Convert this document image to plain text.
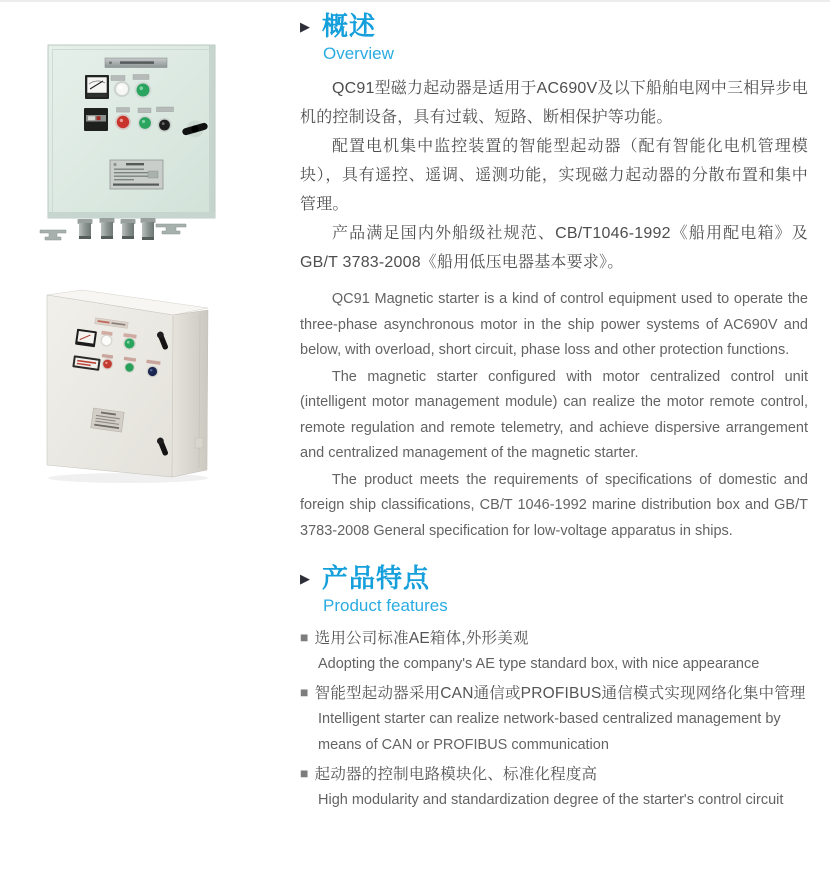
▶ 概述
Overview

QC91型磁力起动器是适用于AC690V及以下船舶电网中三相异步电机的控制设备，具有过载、短路、断相保护等功能。

配置电机集中监控装置的智能型起动器（配有智能化电机管理模块），具有遥控、遥调、遥测功能，实现磁力起动器的分散布置和集中管理。

产品满足国内外船级社规范、CB/T1046-1992《船用配电箱》及GB/T 3783-2008《船用低压电器基本要求》。

QC91 Magnetic starter is a kind of control equipment used to operate the three-phase asynchronous motor in the ship power systems of AC690V and below, with overload, short circuit, phase loss and other protection functions.

The magnetic starter configured with motor centralized control unit (intelligent motor management module) can realize the motor remote control, remote regulation and remote telemetry, and achieve dispersive arrangement and centralized management of the magnetic starter.

The product meets the requirements of specifications of domestic and foreign ship classifications, CB/T 1046-1992 marine distribution box and GB/T 3783-2008 General specification for low-voltage apparatus in ships.

▶ 产品特点
Product features
■ 选用公司标准AE箱体,外形美观
Adopting the company's AE type standard box, with nice appearance
■ 智能型起动器采用CAN通信或PROFIBUS通信模式实现网络化集中管理
Intelligent starter can realize network-based centralized management by means of CAN or PROFIBUS communication
■ 起动器的控制电路模块化、标准化程度高
High modularity and standardization degree of the starter's control circuit
